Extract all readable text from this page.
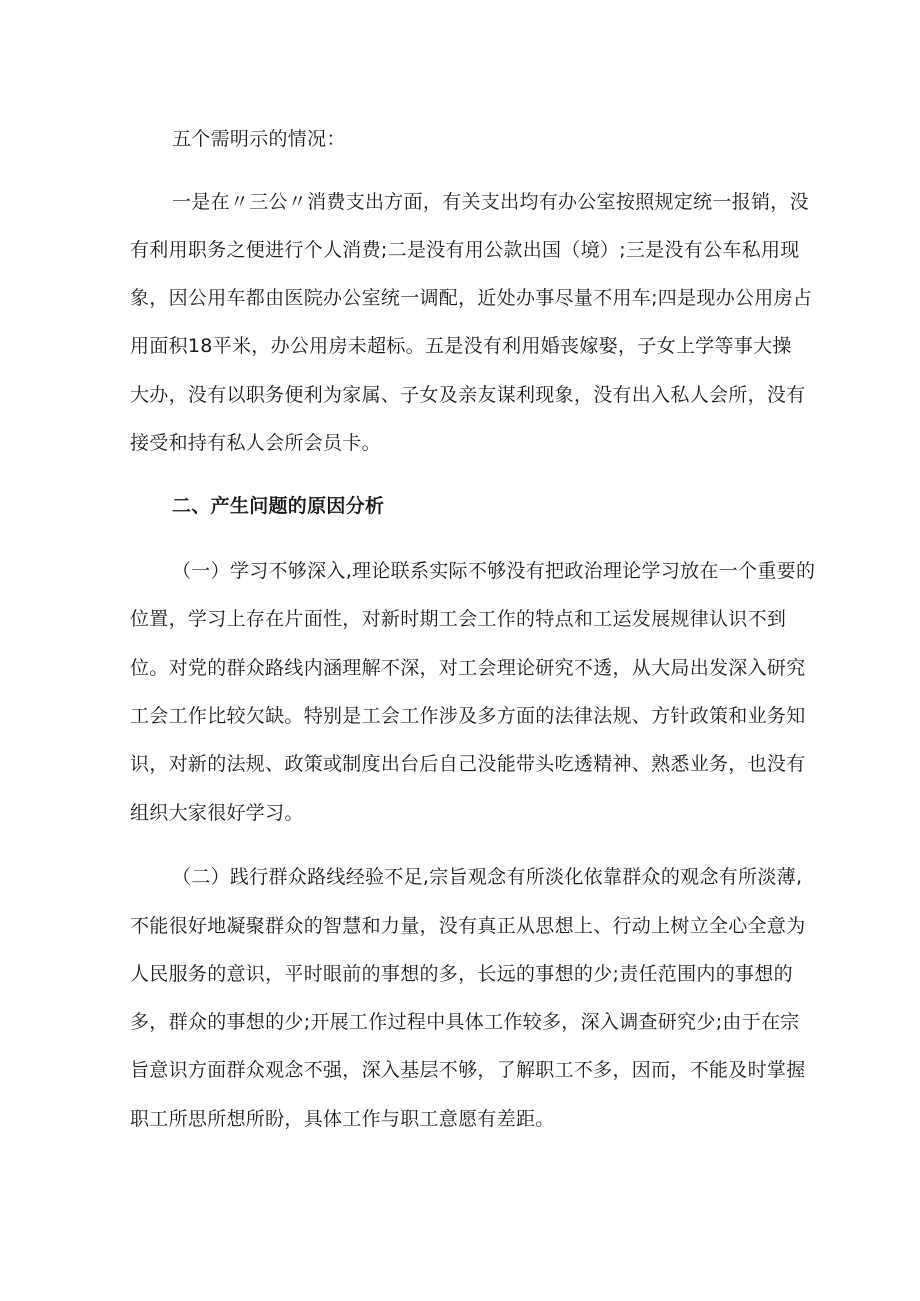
五个需明示的情况：
一是在〃三公〃消费支出方面，有关支出均有办公室按照规定统一报销，没
有利用职务之便进行个人消费;二是没有用公款出国（境）;三是没有公车私用现
象，因公用车都由医院办公室统一调配，近处办事尽量不用车;四是现办公用房占
用面积18平米，办公用房未超标。五是没有利用婚丧嫁娶，子女上学等事大操
大办，没有以职务便利为家属、子女及亲友谋利现象，没有出入私人会所，没有
接受和持有私人会所会员卡。
二、产生问题的原因分析
（一）学习不够深入,理论联系实际不够没有把政治理论学习放在一个重要的
位置，学习上存在片面性，对新时期工会工作的特点和工运发展规律认识不到
位。对党的群众路线内涵理解不深，对工会理论研究不透，从大局出发深入研究
工会工作比较欠缺。特别是工会工作涉及多方面的法律法规、方针政策和业务知
识，对新的法规、政策或制度出台后自己没能带头吃透精神、熟悉业务，也没有
组织大家很好学习。
（二）践行群众路线经验不足,宗旨观念有所淡化依靠群众的观念有所淡薄,
不能很好地凝聚群众的智慧和力量，没有真正从思想上、行动上树立全心全意为
人民服务的意识，平时眼前的事想的多，长远的事想的少;责任范围内的事想的
多，群众的事想的少;开展工作过程中具体工作较多，深入调查研究少;由于在宗
旨意识方面群众观念不强，深入基层不够，了解职工不多，因而，不能及时掌握
职工所思所想所盼，具体工作与职工意愿有差距。
